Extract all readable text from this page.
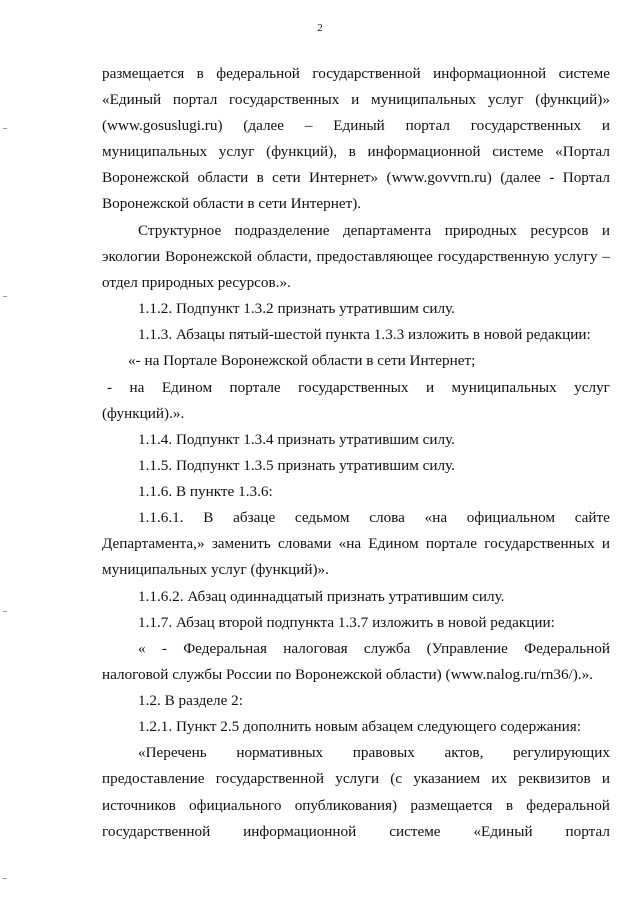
2
размещается в федеральной государственной информационной системе
«Единый портал государственных и муниципальных услуг (функций)»
(www.gosuslugi.ru) (далее – Единый портал государственных и
муниципальных услуг (функций), в информационной системе «Портал
Воронежской области в сети Интернет» (www.govvrn.ru) (далее - Портал
Воронежской области в сети Интернет).
Структурное подразделение департамента природных ресурсов и
экологии Воронежской области, предоставляющее государственную услугу –
отдел природных ресурсов.».
1.1.2. Подпункт 1.3.2 признать утратившим силу.
1.1.3. Абзацы пятый-шестой пункта 1.3.3 изложить в новой редакции:
«- на Портале Воронежской области в сети Интернет;
- на Едином портале государственных и муниципальных услуг
(функций).».
1.1.4. Подпункт 1.3.4 признать утратившим силу.
1.1.5. Подпункт 1.3.5 признать утратившим силу.
1.1.6. В пункте 1.3.6:
1.1.6.1. В абзаце седьмом слова «на официальном сайте
Департамента,» заменить словами «на Едином портале государственных и
муниципальных услуг (функций)».
1.1.6.2. Абзац одиннадцатый признать утратившим силу.
1.1.7. Абзац второй подпункта 1.3.7 изложить в новой редакции:
« - Федеральная налоговая служба (Управление Федеральной
налоговой службы России по Воронежской области) (www.nalog.ru/rn36/).».
1.2. В разделе 2:
1.2.1. Пункт 2.5 дополнить новым абзацем следующего содержания:
«Перечень нормативных правовых актов, регулирующих
предоставление государственной услуги (с указанием их реквизитов и
источников официального опубликования) размещается в федеральной
государственной информационной системе «Единый портал
